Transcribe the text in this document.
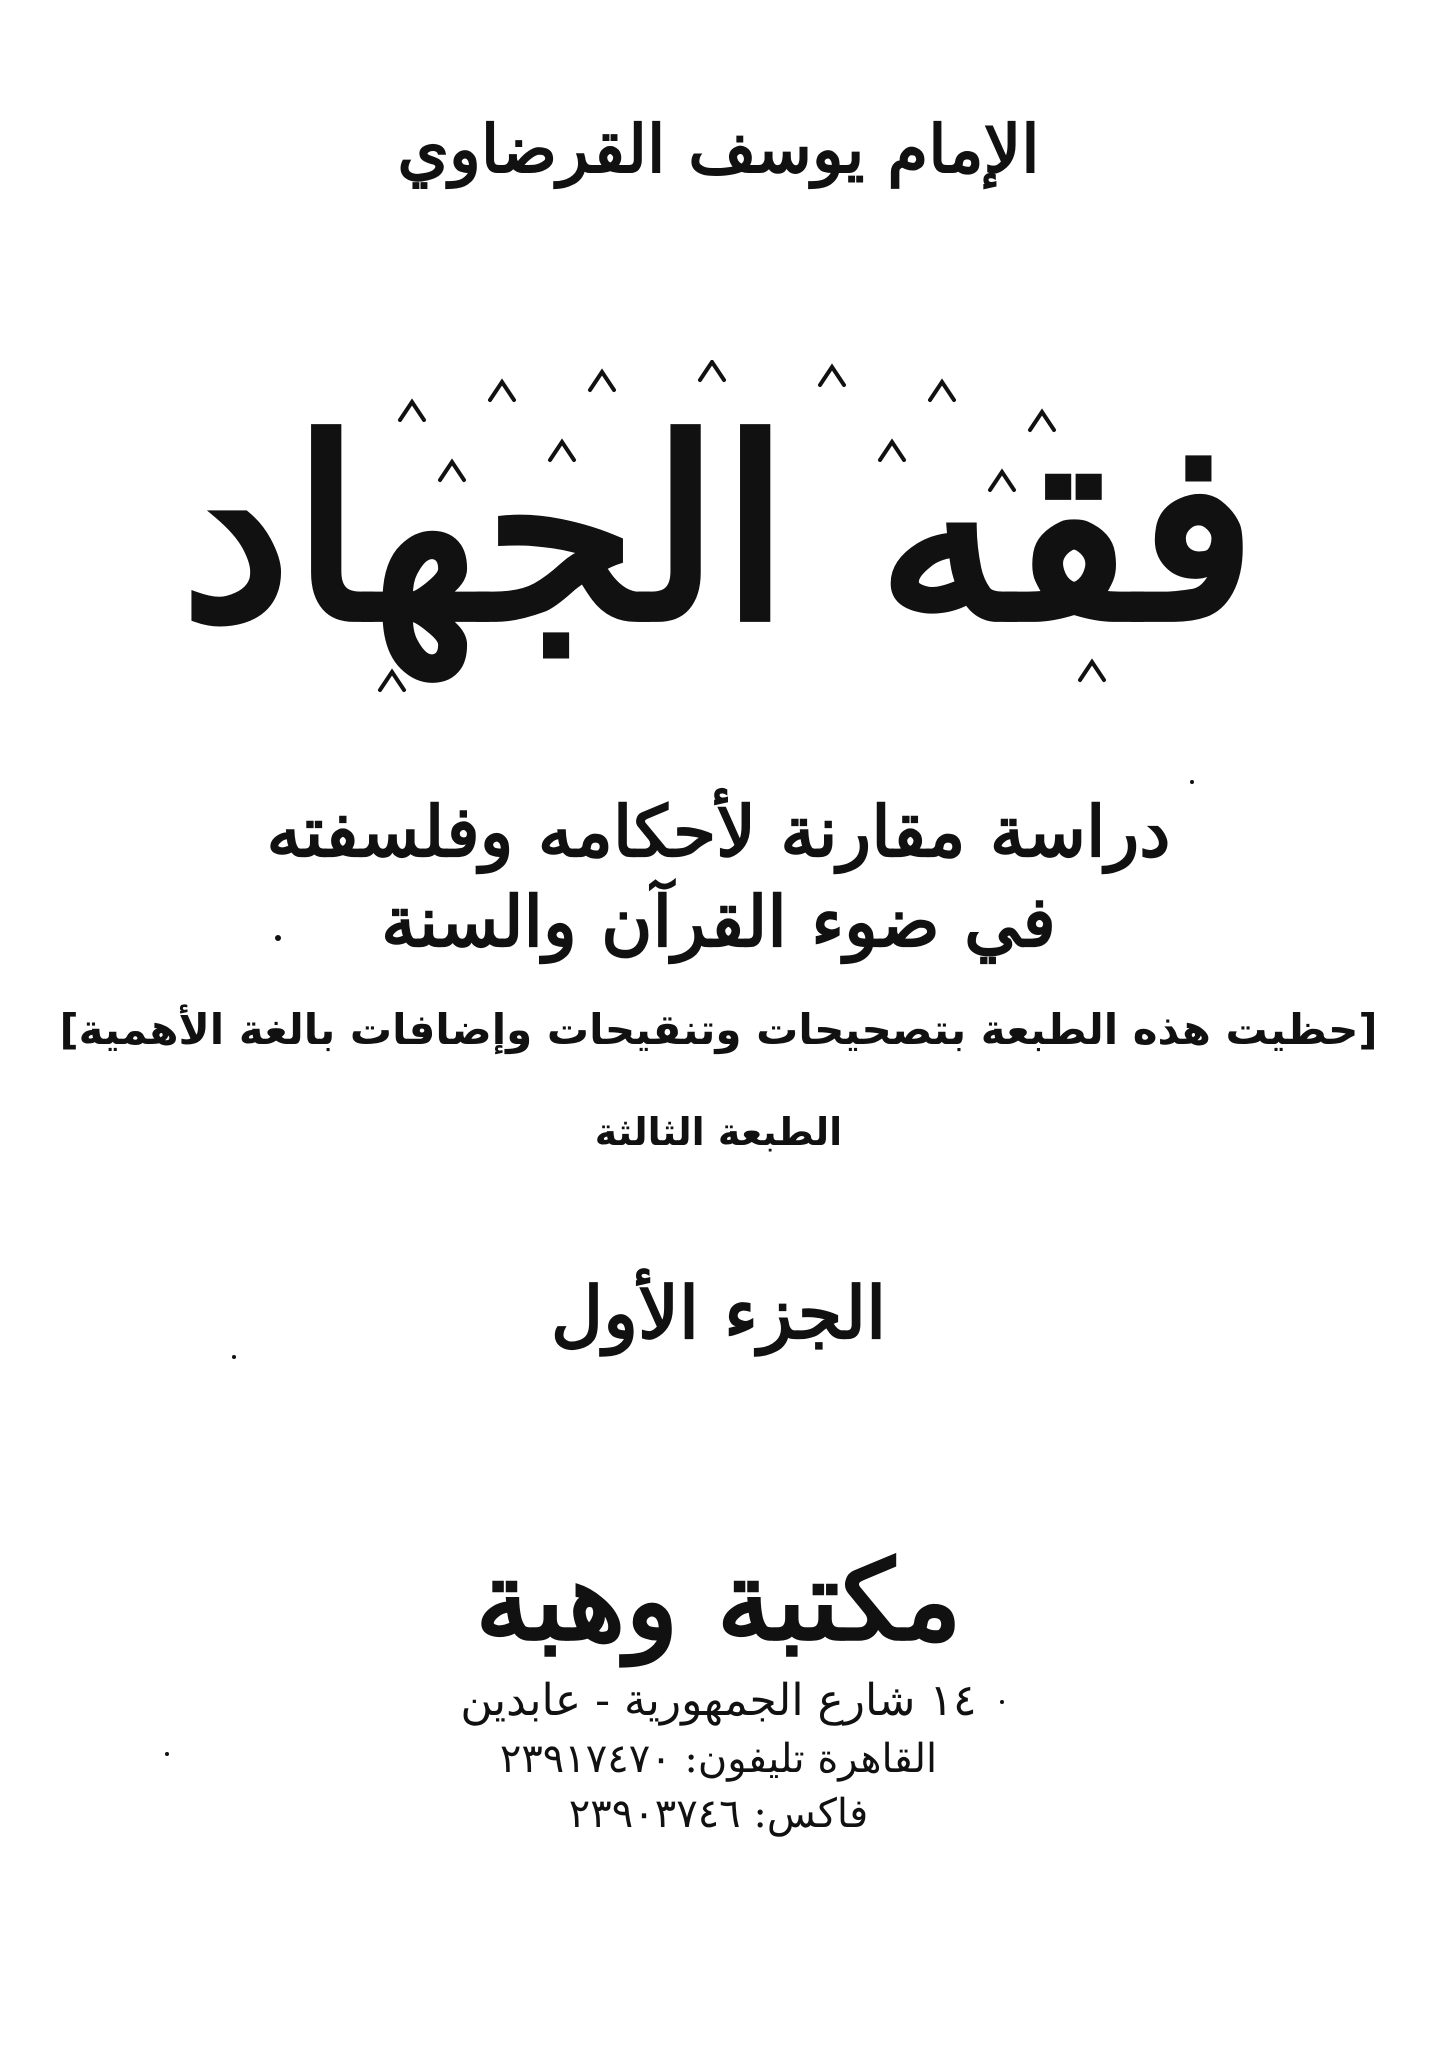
الإمام يوسف القرضاوي
فقه الجهاد
دراسة مقارنة لأحكامه وفلسفته
في ضوء القرآن والسنة
[حظيت هذه الطبعة بتصحيحات وتنقيحات وإضافات بالغة الأهمية]
الطبعة الثالثة
الجزء الأول
مكتبة وهبة
١٤ شارع الجمهورية - عابدين
القاهرة تليفون: ٢٣٩١٧٤٧٠
فاكس: ٢٣٩٠٣٧٤٦
